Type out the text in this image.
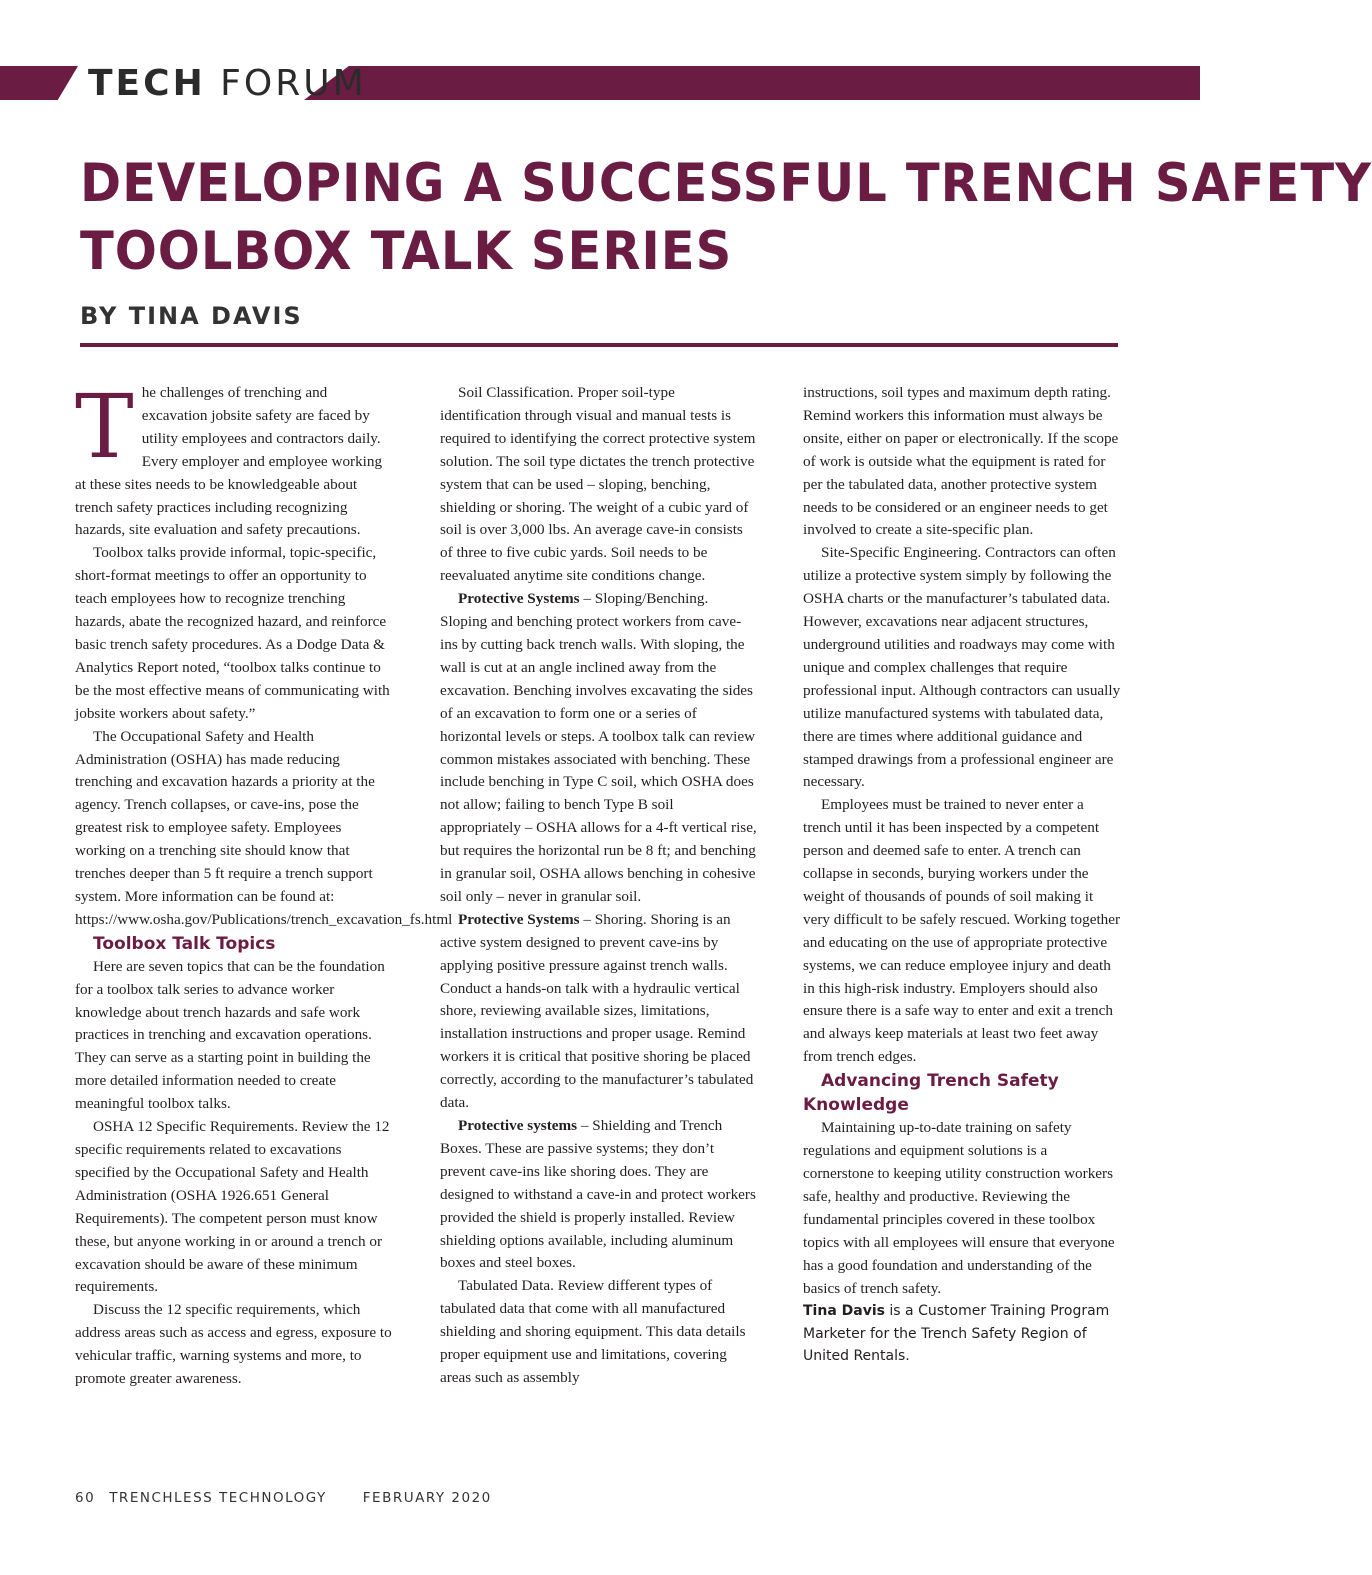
TECH FORUM
DEVELOPING A SUCCESSFUL TRENCH SAFETY
TOOLBOX TALK SERIES
BY TINA DAVIS

The challenges of trenching and excavation jobsite safety are faced by utility employees and contractors daily. Every employer and employee working at these sites needs to be knowledgeable about trench safety practices including recognizing hazards, site evaluation and safety precautions.

Toolbox talks provide informal, topic-specific, short-format meetings to offer an opportunity to teach employees how to recognize trenching hazards, abate the recognized hazard, and reinforce basic trench safety procedures. As a Dodge Data & Analytics Report noted, “toolbox talks continue to be the most effective means of communicating with jobsite workers about safety.”

The Occupational Safety and Health Administration (OSHA) has made reducing trenching and excavation hazards a priority at the agency. Trench collapses, or cave-ins, pose the greatest risk to employee safety. Employees working on a trenching site should know that trenches deeper than 5 ft require a trench support system. More information can be found at: https://www.osha.gov/Publications/trench_excavation_fs.html

Toolbox Talk Topics

Here are seven topics that can be the foundation for a toolbox talk series to advance worker knowledge about trench hazards and safe work practices in trenching and excavation operations. They can serve as a starting point in building the more detailed information needed to create meaningful toolbox talks.

OSHA 12 Specific Requirements. Review the 12 specific requirements related to excavations specified by the Occupational Safety and Health Administration (OSHA 1926.651 General Requirements). The competent person must know these, but anyone working in or around a trench or excavation should be aware of these minimum requirements.

Discuss the 12 specific requirements, which address areas such as access and egress, exposure to vehicular traffic, warning systems and more, to promote greater awareness.

Soil Classification. Proper soil-type identification through visual and manual tests is required to identifying the correct protective system solution. The soil type dictates the trench protective system that can be used – sloping, benching, shielding or shoring. The weight of a cubic yard of soil is over 3,000 lbs. An average cave-in consists of three to five cubic yards. Soil needs to be reevaluated anytime site conditions change.

Protective Systems – Sloping/Benching. Sloping and benching protect workers from cave-ins by cutting back trench walls. With sloping, the wall is cut at an angle inclined away from the excavation. Benching involves excavating the sides of an excavation to form one or a series of horizontal levels or steps. A toolbox talk can review common mistakes associated with benching. These include benching in Type C soil, which OSHA does not allow; failing to bench Type B soil appropriately – OSHA allows for a 4-ft vertical rise, but requires the horizontal run be 8 ft; and benching in granular soil, OSHA allows benching in cohesive soil only – never in granular soil.

Protective Systems – Shoring. Shoring is an active system designed to prevent cave-ins by applying positive pressure against trench walls. Conduct a hands-on talk with a hydraulic vertical shore, reviewing available sizes, limitations, installation instructions and proper usage. Remind workers it is critical that positive shoring be placed correctly, according to the manufacturer’s tabulated data.

Protective systems – Shielding and Trench Boxes. These are passive systems; they don’t prevent cave-ins like shoring does. They are designed to withstand a cave-in and protect workers provided the shield is properly installed. Review shielding options available, including aluminum boxes and steel boxes.

Tabulated Data. Review different types of tabulated data that come with all manufactured shielding and shoring equipment. This data details proper equipment use and limitations, covering areas such as assembly

instructions, soil types and maximum depth rating. Remind workers this information must always be onsite, either on paper or electronically. If the scope of work is outside what the equipment is rated for per the tabulated data, another protective system needs to be considered or an engineer needs to get involved to create a site-specific plan.

Site-Specific Engineering. Contractors can often utilize a protective system simply by following the OSHA charts or the manufacturer’s tabulated data. However, excavations near adjacent structures, underground utilities and roadways may come with unique and complex challenges that require professional input. Although contractors can usually utilize manufactured systems with tabulated data, there are times where additional guidance and stamped drawings from a professional engineer are necessary.

Employees must be trained to never enter a trench until it has been inspected by a competent person and deemed safe to enter. A trench can collapse in seconds, burying workers under the weight of thousands of pounds of soil making it very difficult to be safely rescued. Working together and educating on the use of appropriate protective systems, we can reduce employee injury and death in this high-risk industry. Employers should also ensure there is a safe way to enter and exit a trench and always keep materials at least two feet away from trench edges.

Advancing Trench Safety Knowledge

Maintaining up-to-date training on safety regulations and equipment solutions is a cornerstone to keeping utility construction workers safe, healthy and productive. Reviewing the fundamental principles covered in these toolbox topics with all employees will ensure that everyone has a good foundation and understanding of the basics of trench safety.

Tina Davis is a Customer Training Program Marketer for the Trench Safety Region of United Rentals.

60 TRENCHLESS TECHNOLOGY	FEBRUARY 2020
